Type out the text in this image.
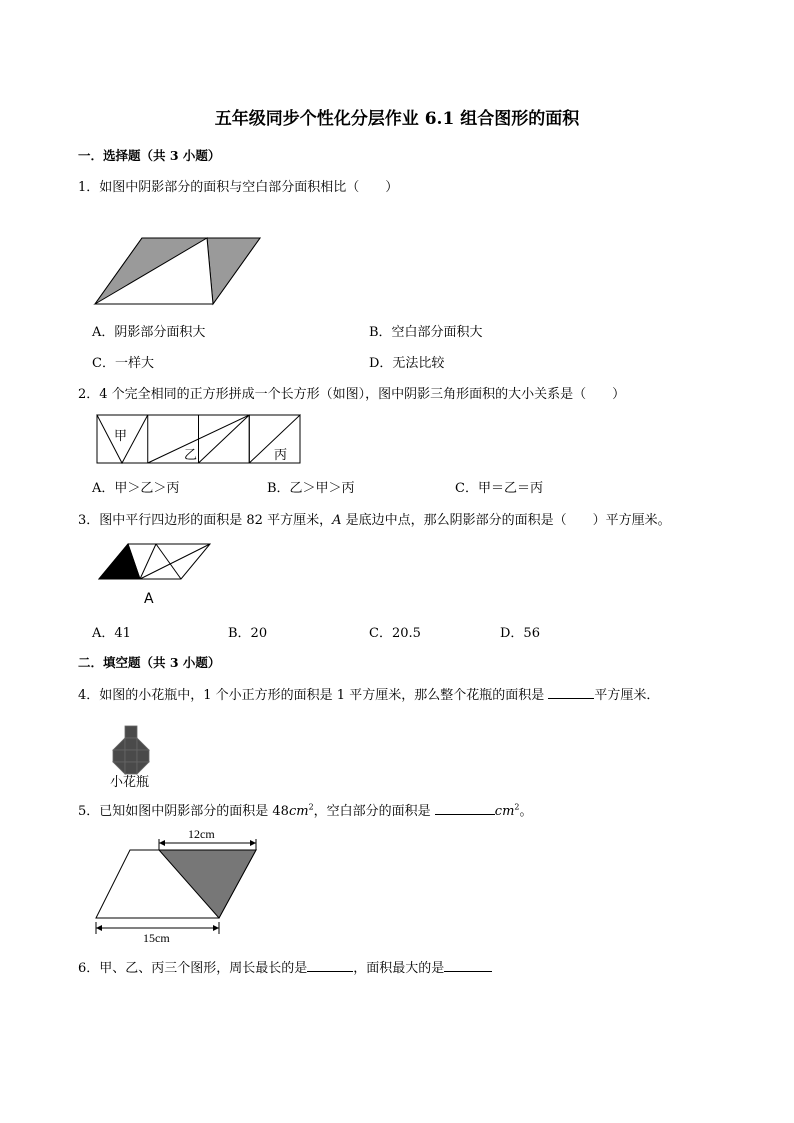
五年级同步个性化分层作业 6.1 组合图形的面积
一．选择题（共 3 小题）
1．如图中阴影部分的面积与空白部分面积相比（　　）
A．阴影部分面积大	B．空白部分面积大
C．一样大	D．无法比较
2．4 个完全相同的正方形拼成一个长方形（如图），图中阴影三角形面积的大小关系是（　　）
甲
乙	丙
A．甲＞乙＞丙	B．乙＞甲＞丙	C．甲＝乙＝丙
3．图中平行四边形的面积是 82 平方厘米，A 是底边中点，那么阴影部分的面积是（　　）平方厘米。
A
A．41	B．20	C．20.5	D．56
二．填空题（共 3 小题）
4．如图的小花瓶中，1 个小正方形的面积是 1 平方厘米，那么整个花瓶的面积是	平方厘米．
小花瓶
5．已知如图中阴影部分的面积是 $48cm^2$，空白部分的面积是	$cm^2$。
12cm
15cm
6．甲、乙、丙三个图形，周长最长的是	，面积最大的是
